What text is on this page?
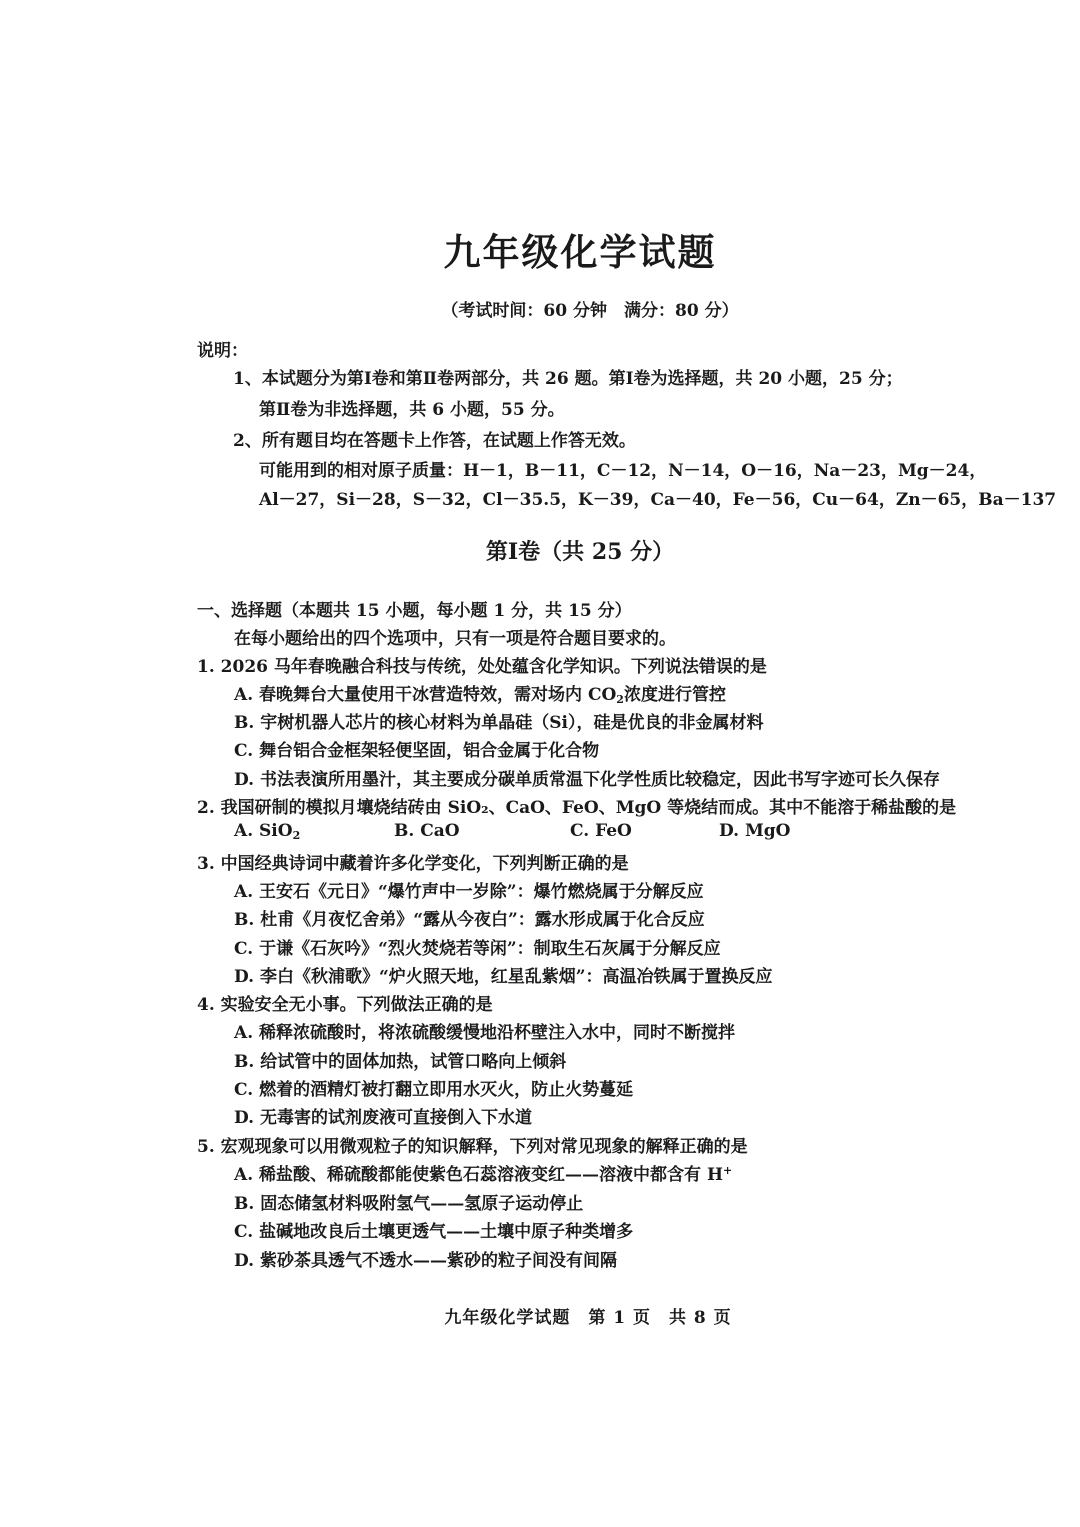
九年级化学试题
（考试时间：60 分钟　满分：80 分）
说明：
1、本试题分为第Ⅰ卷和第Ⅱ卷两部分，共 26 题。第Ⅰ卷为选择题，共 20 小题，25 分；
第Ⅱ卷为非选择题，共 6 小题，55 分。
2、所有题目均在答题卡上作答，在试题上作答无效。
可能用到的相对原子质量：H－1，B－11，C－12，N－14，O－16，Na－23，Mg－24，
Al－27，Si－28，S－32，Cl－35.5，K－39，Ca－40，Fe－56，Cu－64，Zn－65，Ba－137
第Ⅰ卷（共 25 分）
一、选择题（本题共 15 小题，每小题 1 分，共 15 分）
在每小题给出的四个选项中，只有一项是符合题目要求的。
1. 2026 马年春晚融合科技与传统，处处蕴含化学知识。下列说法错误的是
A. 春晚舞台大量使用干冰营造特效，需对场内 $CO_2$浓度进行管控
B. 宇树机器人芯片的核心材料为单晶硅（Si），硅是优良的非金属材料
C. 舞台铝合金框架轻便坚固，铝合金属于化合物
D. 书法表演所用墨汁，其主要成分碳单质常温下化学性质比较稳定，因此书写字迹可长久保存
2. 我国研制的模拟月壤烧结砖由 SiO₂、CaO、FeO、MgO 等烧结而成。其中不能溶于稀盐酸的是
A. SiO$_2$	B. CaO	C. FeO	D. MgO
3. 中国经典诗词中藏着许多化学变化，下列判断正确的是
A. 王安石《元日》“爆竹声中一岁除”：爆竹燃烧属于分解反应
B. 杜甫《月夜忆舍弟》“露从今夜白”：露水形成属于化合反应
C. 于谦《石灰吟》“烈火焚烧若等闲”：制取生石灰属于分解反应
D. 李白《秋浦歌》“炉火照天地，红星乱紫烟”：高温冶铁属于置换反应
4. 实验安全无小事。下列做法正确的是
A. 稀释浓硫酸时，将浓硫酸缓慢地沿杯壁注入水中，同时不断搅拌
B. 给试管中的固体加热，试管口略向上倾斜
C. 燃着的酒精灯被打翻立即用水灭火，防止火势蔓延
D. 无毒害的试剂废液可直接倒入下水道
5. 宏观现象可以用微观粒子的知识解释，下列对常见现象的解释正确的是
A. 稀盐酸、稀硫酸都能使紫色石蕊溶液变红——溶液中都含有 H+
B. 固态储氢材料吸附氢气——氢原子运动停止
C. 盐碱地改良后土壤更透气——土壤中原子种类增多
D. 紫砂茶具透气不透水——紫砂的粒子间没有间隔
九年级化学试题　第 1 页　共 8 页
